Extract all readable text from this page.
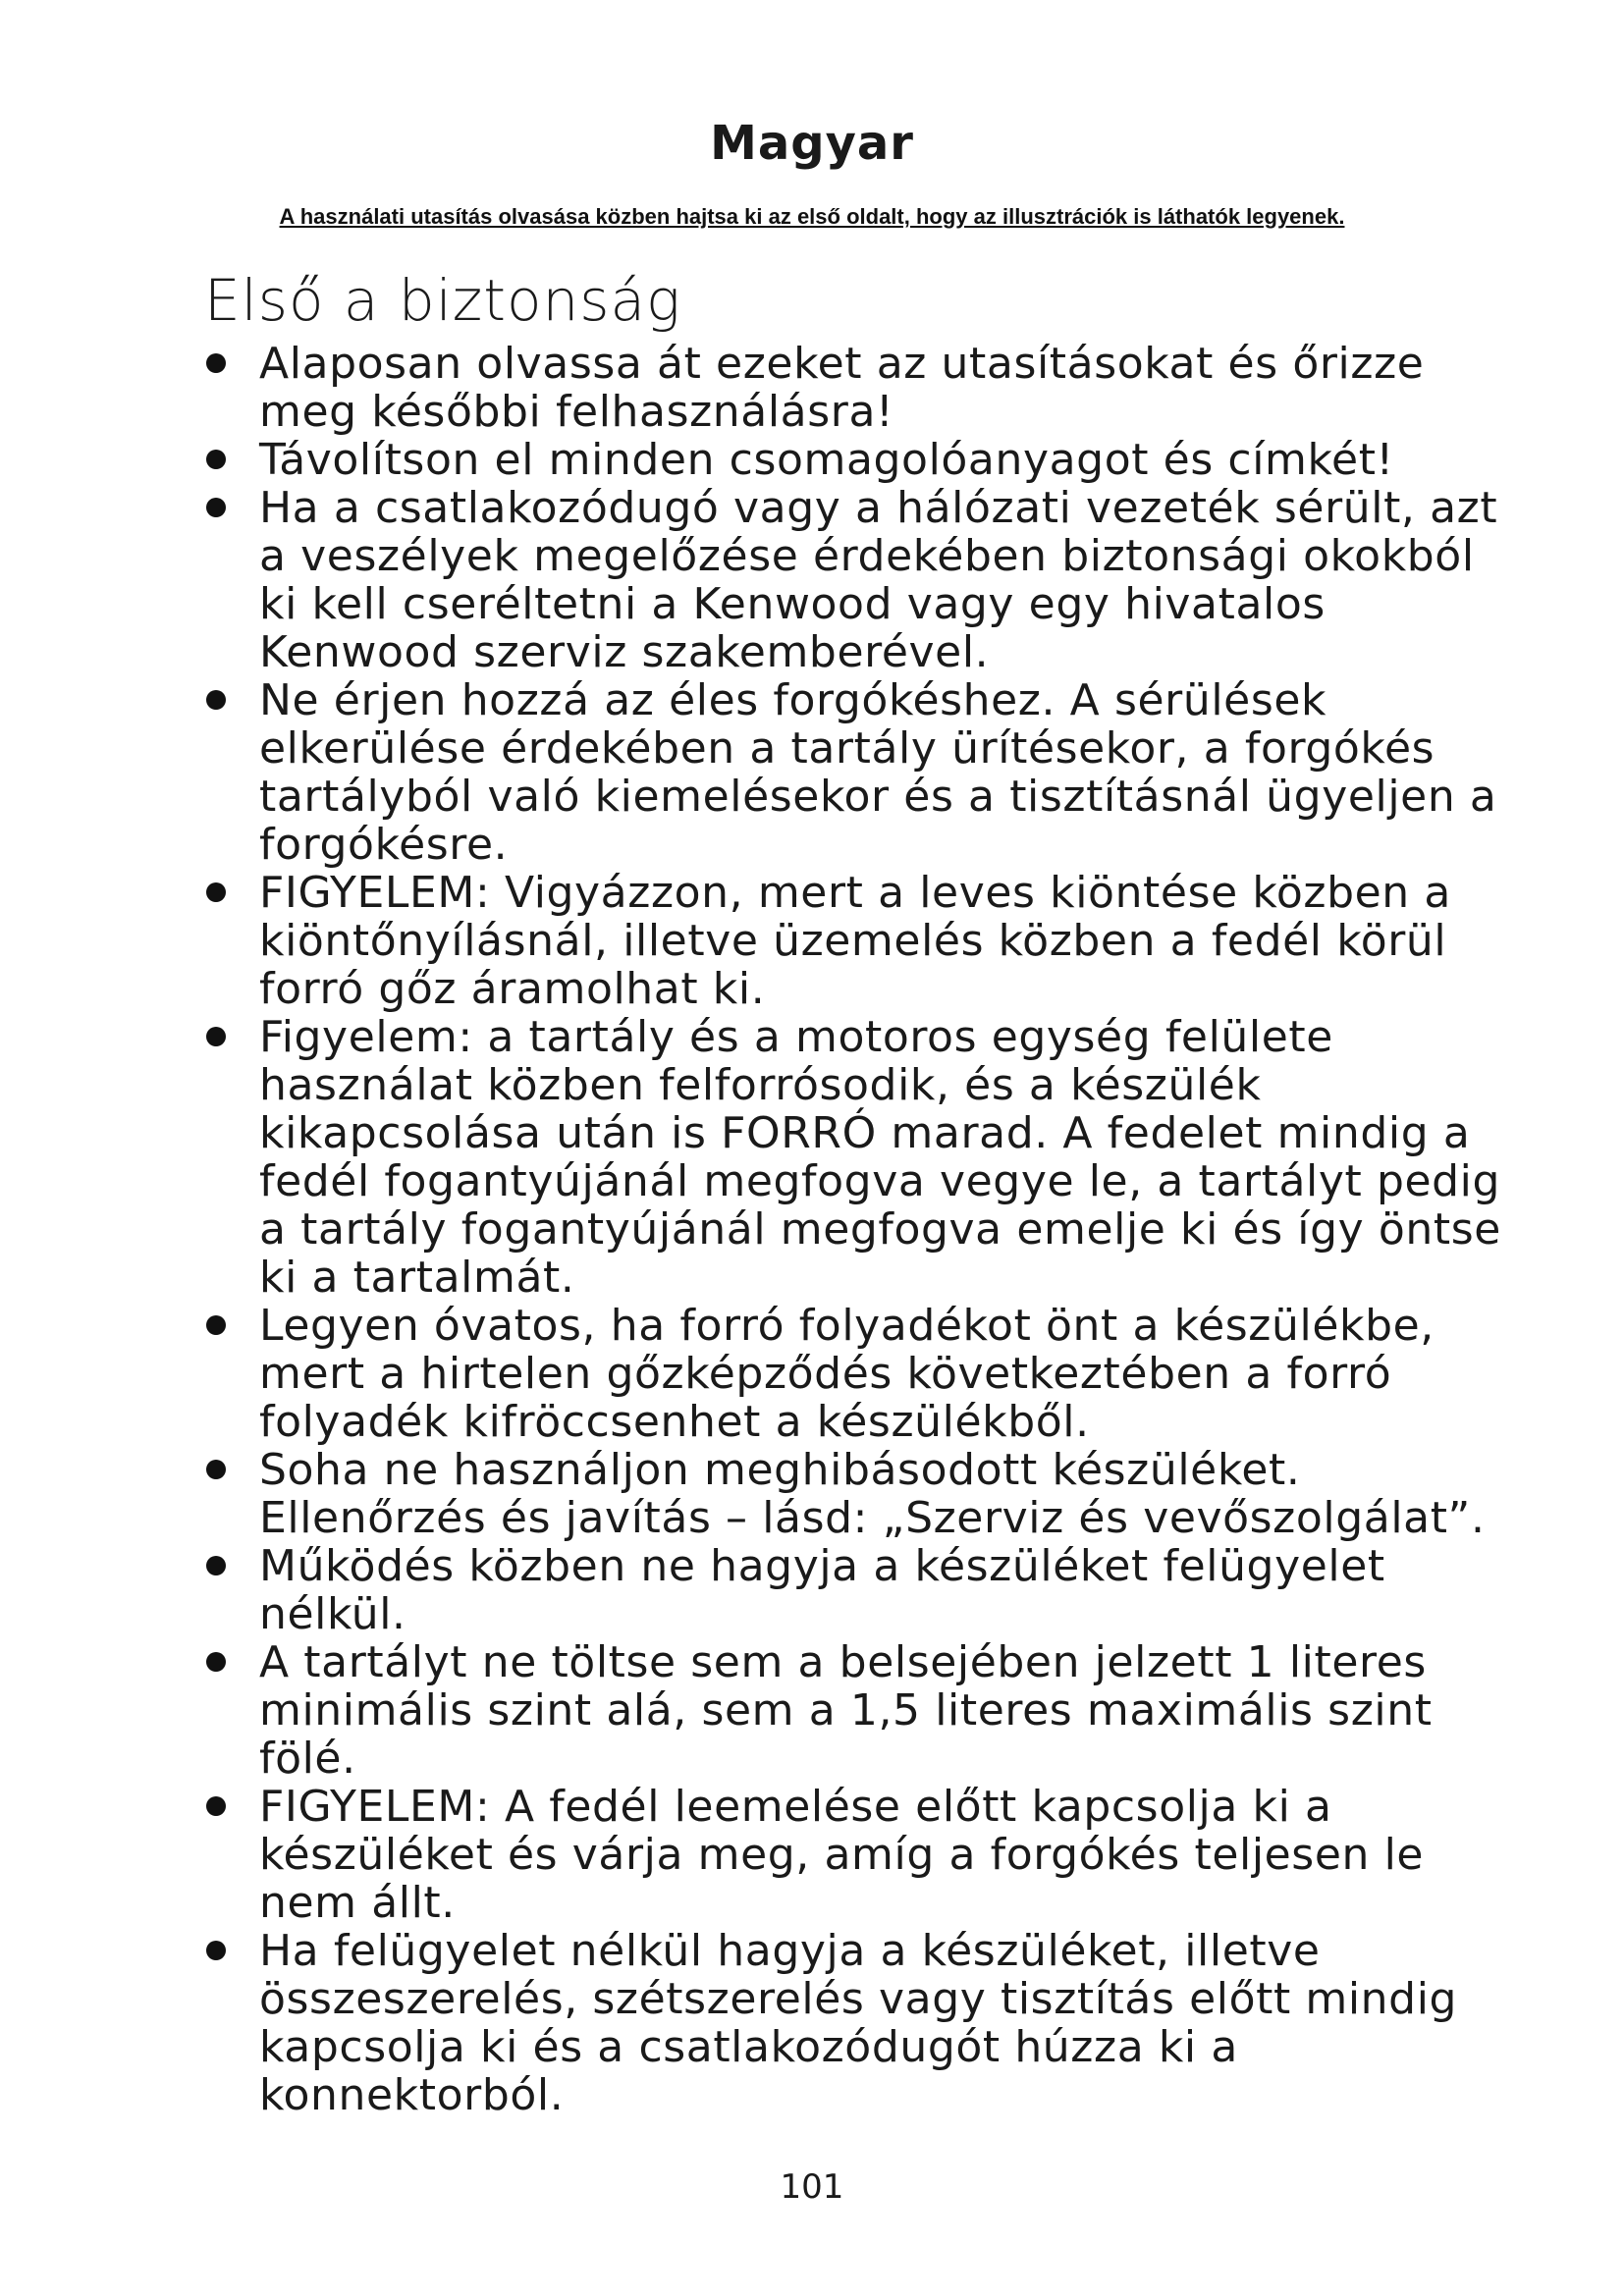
Magyar

A használati utasítás olvasása közben hajtsa ki az első oldalt, hogy az illusztrációk is láthatók legyenek.

Első a biztonság
Alaposan olvassa át ezeket az utasításokat és őrizze meg későbbi felhasználásra!
Távolítson el minden csomagolóanyagot és címkét!
Ha a csatlakozódugó vagy a hálózati vezeték sérült, azt a veszélyek megelőzése érdekében biztonsági okokból ki kell cseréltetni a Kenwood vagy egy hivatalos Kenwood szerviz szakemberével.
Ne érjen hozzá az éles forgókéshez. A sérülések elkerülése érdekében a tartály ürítésekor, a forgókés tartályból való kiemelésekor és a tisztításnál ügyeljen a forgókésre.
FIGYELEM: Vigyázzon, mert a leves kiöntése közben a kiöntőnyílásnál, illetve üzemelés közben a fedél körül forró gőz áramolhat ki.
Figyelem: a tartály és a motoros egység felülete használat közben felforrósodik, és a készülék kikapcsolása után is FORRÓ marad. A fedelet mindig a fedél fogantyújánál megfogva vegye le, a tartályt pedig a tartály fogantyújánál megfogva emelje ki és így öntse ki a tartalmát.
Legyen óvatos, ha forró folyadékot önt a készülékbe, mert a hirtelen gőzképződés következtében a forró folyadék kifröccsenhet a készülékből.
Soha ne használjon meghibásodott készüléket. Ellenőrzés és javítás – lásd: „Szerviz és vevőszolgálat”.
Működés közben ne hagyja a készüléket felügyelet nélkül.
A tartályt ne töltse sem a belsejében jelzett 1 literes minimális szint alá, sem a 1,5 literes maximális szint fölé.
FIGYELEM: A fedél leemelése előtt kapcsolja ki a készüléket és várja meg, amíg a forgókés teljesen le nem állt.
Ha felügyelet nélkül hagyja a készüléket, illetve összeszerelés, szétszerelés vagy tisztítás előtt mindig kapcsolja ki és a csatlakozódugót húzza ki a konnektorból.
101
